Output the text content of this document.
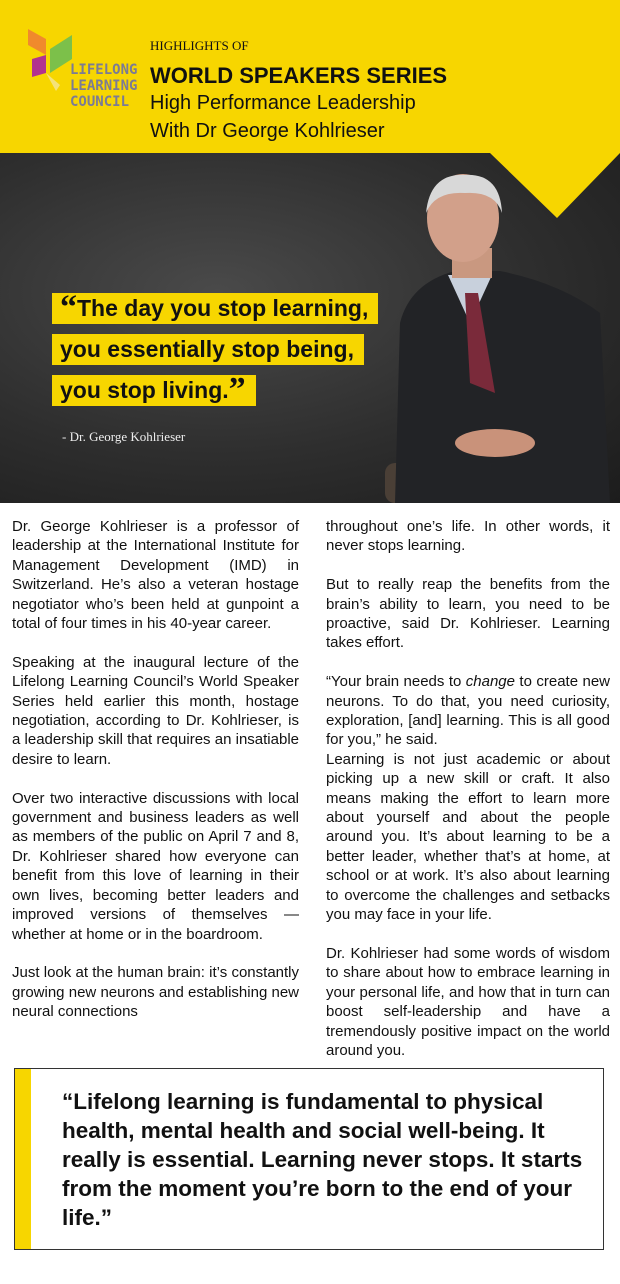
LIFELONG
LEARNING
COUNCIL
HIGHLIGHTS OF
WORLD SPEAKERS SERIES
High Performance Leadership
With Dr George Kohlrieser
“The day you stop learning,
you essentially stop being,
you stop living.”
- Dr. George Kohlrieser

Dr. George Kohlrieser is a professor of leadership at the International Institute for Management Development (IMD) in Switzerland. He’s also a veteran hostage negotiator who’s been held at gunpoint a total of four times in his 40-year career.

Speaking at the inaugural lecture of the Lifelong Learning Council’s World Speaker Series held earlier this month, hostage negotiation, according to Dr. Kohlrieser, is a leadership skill that requires an insatiable desire to learn.

Over two interactive discussions with local government and business leaders as well as members of the public on April 7 and 8, Dr. Kohlrieser shared how everyone can benefit from this love of learning in their own lives, becoming better leaders and improved versions of themselves — whether at home or in the boardroom.

Just look at the human brain: it’s constantly growing new neurons and establishing new neural connections

throughout one’s life. In other words, it never stops learning.

But to really reap the benefits from the brain’s ability to learn, you need to be proactive, said Dr. Kohlrieser. Learning takes effort.

“Your brain needs to change to create new neurons. To do that, you need curiosity, exploration, [and] learning. This is all good for you,” he said.

Learning is not just academic or about picking up a new skill or craft. It also means making the effort to learn more about yourself and about the people around you. It’s about learning to be a better leader, whether that’s at home, at school or at work. It’s also about learning to overcome the challenges and setbacks you may face in your life.

Dr. Kohlrieser had some words of wisdom to share about how to embrace learning in your personal life, and how that in turn can boost self-leadership and have a tremendously positive impact on the world around you.

“Lifelong learning is fundamental to physical health, mental health and social well-being. It really is essential. Learning never stops. It starts from the moment you’re born to the end of your life.”
